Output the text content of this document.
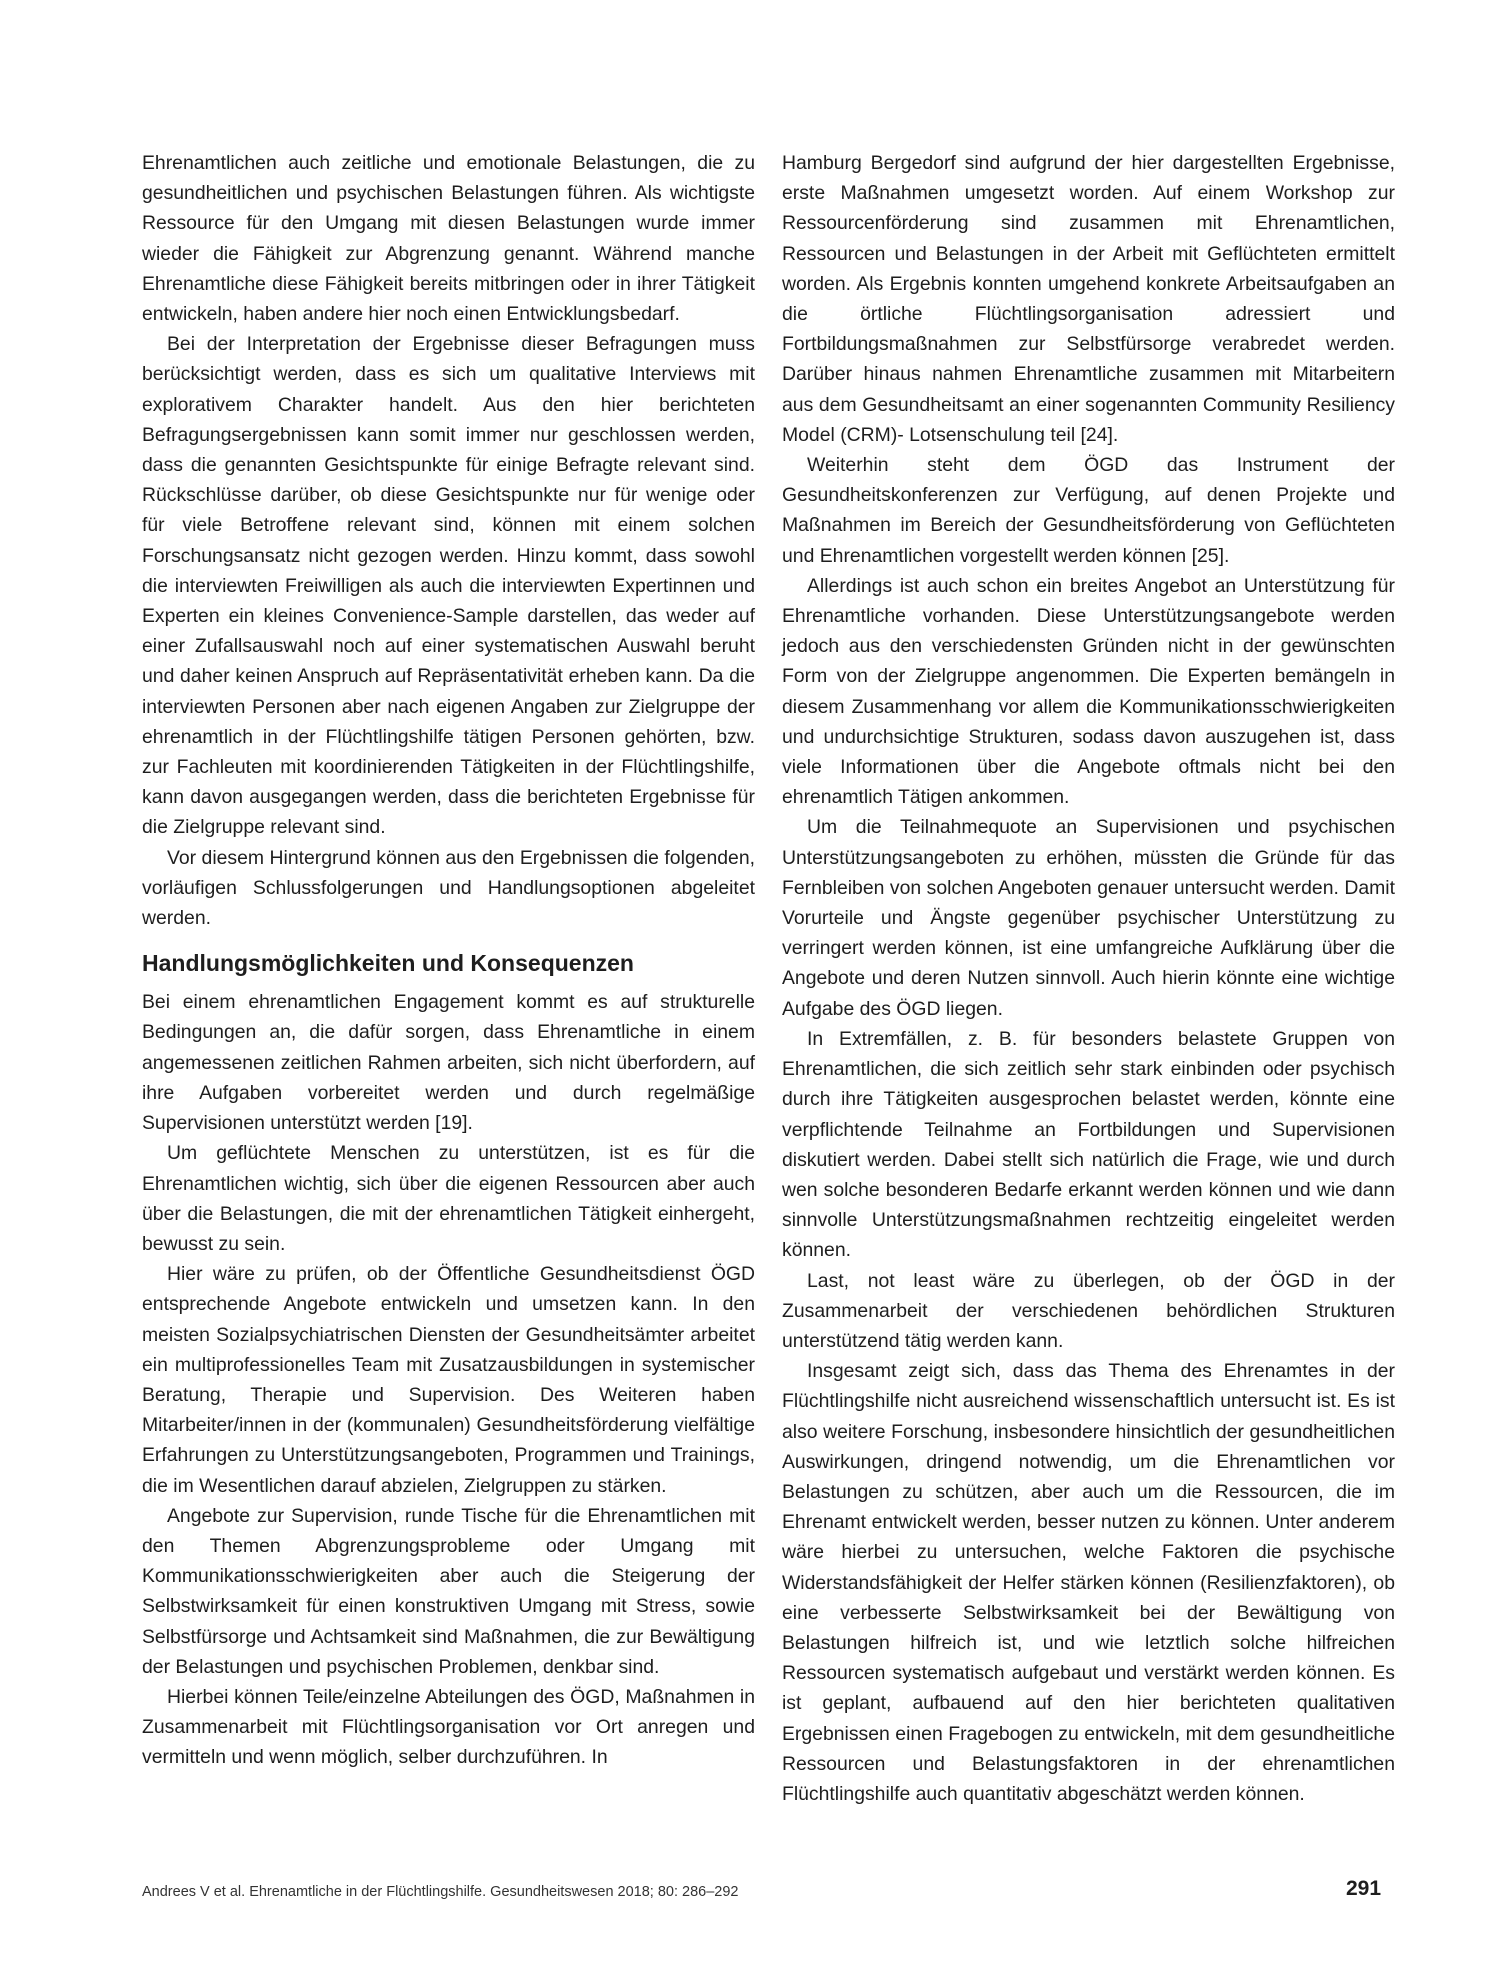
Ehrenamtlichen auch zeitliche und emotionale Belastungen, die zu gesundheitlichen und psychischen Belastungen führen. Als wichtigste Ressource für den Umgang mit diesen Belastungen wurde immer wieder die Fähigkeit zur Abgrenzung genannt. Während manche Ehrenamtliche diese Fähigkeit bereits mitbringen oder in ihrer Tätigkeit entwickeln, haben andere hier noch einen Entwicklungsbedarf.

Bei der Interpretation der Ergebnisse dieser Befragungen muss berücksichtigt werden, dass es sich um qualitative Interviews mit explorativem Charakter handelt. Aus den hier berichteten Befragungsergebnissen kann somit immer nur geschlossen werden, dass die genannten Gesichtspunkte für einige Befragte relevant sind. Rückschlüsse darüber, ob diese Gesichtspunkte nur für wenige oder für viele Betroffene relevant sind, können mit einem solchen Forschungsansatz nicht gezogen werden. Hinzu kommt, dass sowohl die interviewten Freiwilligen als auch die interviewten Expertinnen und Experten ein kleines Convenience-Sample darstellen, das weder auf einer Zufallsauswahl noch auf einer systematischen Auswahl beruht und daher keinen Anspruch auf Repräsentativität erheben kann. Da die interviewten Personen aber nach eigenen Angaben zur Zielgruppe der ehrenamtlich in der Flüchtlingshilfe tätigen Personen gehörten, bzw. zur Fachleuten mit koordinierenden Tätigkeiten in der Flüchtlingshilfe, kann davon ausgegangen werden, dass die berichteten Ergebnisse für die Zielgruppe relevant sind.

Vor diesem Hintergrund können aus den Ergebnissen die folgenden, vorläufigen Schlussfolgerungen und Handlungsoptionen abgeleitet werden.

Handlungsmöglichkeiten und Konsequenzen

Bei einem ehrenamtlichen Engagement kommt es auf strukturelle Bedingungen an, die dafür sorgen, dass Ehrenamtliche in einem angemessenen zeitlichen Rahmen arbeiten, sich nicht überfordern, auf ihre Aufgaben vorbereitet werden und durch regelmäßige Supervisionen unterstützt werden [19].

Um geflüchtete Menschen zu unterstützen, ist es für die Ehrenamtlichen wichtig, sich über die eigenen Ressourcen aber auch über die Belastungen, die mit der ehrenamtlichen Tätigkeit einhergeht, bewusst zu sein.

Hier wäre zu prüfen, ob der Öffentliche Gesundheitsdienst ÖGD entsprechende Angebote entwickeln und umsetzen kann. In den meisten Sozialpsychiatrischen Diensten der Gesundheitsämter arbeitet ein multiprofessionelles Team mit Zusatzausbildungen in systemischer Beratung, Therapie und Supervision. Des Weiteren haben Mitarbeiter/innen in der (kommunalen) Gesundheitsförderung vielfältige Erfahrungen zu Unterstützungsangeboten, Programmen und Trainings, die im Wesentlichen darauf abzielen, Zielgruppen zu stärken.

Angebote zur Supervision, runde Tische für die Ehrenamtlichen mit den Themen Abgrenzungsprobleme oder Umgang mit Kommunikationsschwierigkeiten aber auch die Steigerung der Selbstwirksamkeit für einen konstruktiven Umgang mit Stress, sowie Selbstfürsorge und Achtsamkeit sind Maßnahmen, die zur Bewältigung der Belastungen und psychischen Problemen, denkbar sind.

Hierbei können Teile/einzelne Abteilungen des ÖGD, Maßnahmen in Zusammenarbeit mit Flüchtlingsorganisation vor Ort anregen und vermitteln und wenn möglich, selber durchzuführen. In

Hamburg Bergedorf sind aufgrund der hier dargestellten Ergebnisse, erste Maßnahmen umgesetzt worden. Auf einem Workshop zur Ressourcenförderung sind zusammen mit Ehrenamtlichen, Ressourcen und Belastungen in der Arbeit mit Geflüchteten ermittelt worden. Als Ergebnis konnten umgehend konkrete Arbeitsaufgaben an die örtliche Flüchtlingsorganisation adressiert und Fortbildungsmaßnahmen zur Selbstfürsorge verabredet werden. Darüber hinaus nahmen Ehrenamtliche zusammen mit Mitarbeitern aus dem Gesundheitsamt an einer sogenannten Community Resiliency Model (CRM)- Lotsenschulung teil [24].

Weiterhin steht dem ÖGD das Instrument der Gesundheitskonferenzen zur Verfügung, auf denen Projekte und Maßnahmen im Bereich der Gesundheitsförderung von Geflüchteten und Ehrenamtlichen vorgestellt werden können [25].

Allerdings ist auch schon ein breites Angebot an Unterstützung für Ehrenamtliche vorhanden. Diese Unterstützungsangebote werden jedoch aus den verschiedensten Gründen nicht in der gewünschten Form von der Zielgruppe angenommen. Die Experten bemängeln in diesem Zusammenhang vor allem die Kommunikationsschwierigkeiten und undurchsichtige Strukturen, sodass davon auszugehen ist, dass viele Informationen über die Angebote oftmals nicht bei den ehrenamtlich Tätigen ankommen.

Um die Teilnahmequote an Supervisionen und psychischen Unterstützungsangeboten zu erhöhen, müssten die Gründe für das Fernbleiben von solchen Angeboten genauer untersucht werden. Damit Vorurteile und Ängste gegenüber psychischer Unterstützung zu verringert werden können, ist eine umfangreiche Aufklärung über die Angebote und deren Nutzen sinnvoll. Auch hierin könnte eine wichtige Aufgabe des ÖGD liegen.

In Extremfällen, z. B. für besonders belastete Gruppen von Ehrenamtlichen, die sich zeitlich sehr stark einbinden oder psychisch durch ihre Tätigkeiten ausgesprochen belastet werden, könnte eine verpflichtende Teilnahme an Fortbildungen und Supervisionen diskutiert werden. Dabei stellt sich natürlich die Frage, wie und durch wen solche besonderen Bedarfe erkannt werden können und wie dann sinnvolle Unterstützungsmaßnahmen rechtzeitig eingeleitet werden können.

Last, not least wäre zu überlegen, ob der ÖGD in der Zusammenarbeit der verschiedenen behördlichen Strukturen unterstützend tätig werden kann.

Insgesamt zeigt sich, dass das Thema des Ehrenamtes in der Flüchtlingshilfe nicht ausreichend wissenschaftlich untersucht ist. Es ist also weitere Forschung, insbesondere hinsichtlich der gesundheitlichen Auswirkungen, dringend notwendig, um die Ehrenamtlichen vor Belastungen zu schützen, aber auch um die Ressourcen, die im Ehrenamt entwickelt werden, besser nutzen zu können. Unter anderem wäre hierbei zu untersuchen, welche Faktoren die psychische Widerstandsfähigkeit der Helfer stärken können (Resilienzfaktoren), ob eine verbesserte Selbstwirksamkeit bei der Bewältigung von Belastungen hilfreich ist, und wie letztlich solche hilfreichen Ressourcen systematisch aufgebaut und verstärkt werden können. Es ist geplant, aufbauend auf den hier berichteten qualitativen Ergebnissen einen Fragebogen zu entwickeln, mit dem gesundheitliche Ressourcen und Belastungsfaktoren in der ehrenamtlichen Flüchtlingshilfe auch quantitativ abgeschätzt werden können.

Andrees V et al. Ehrenamtliche in der Flüchtlingshilfe. Gesundheitswesen 2018; 80: 286–292	291
